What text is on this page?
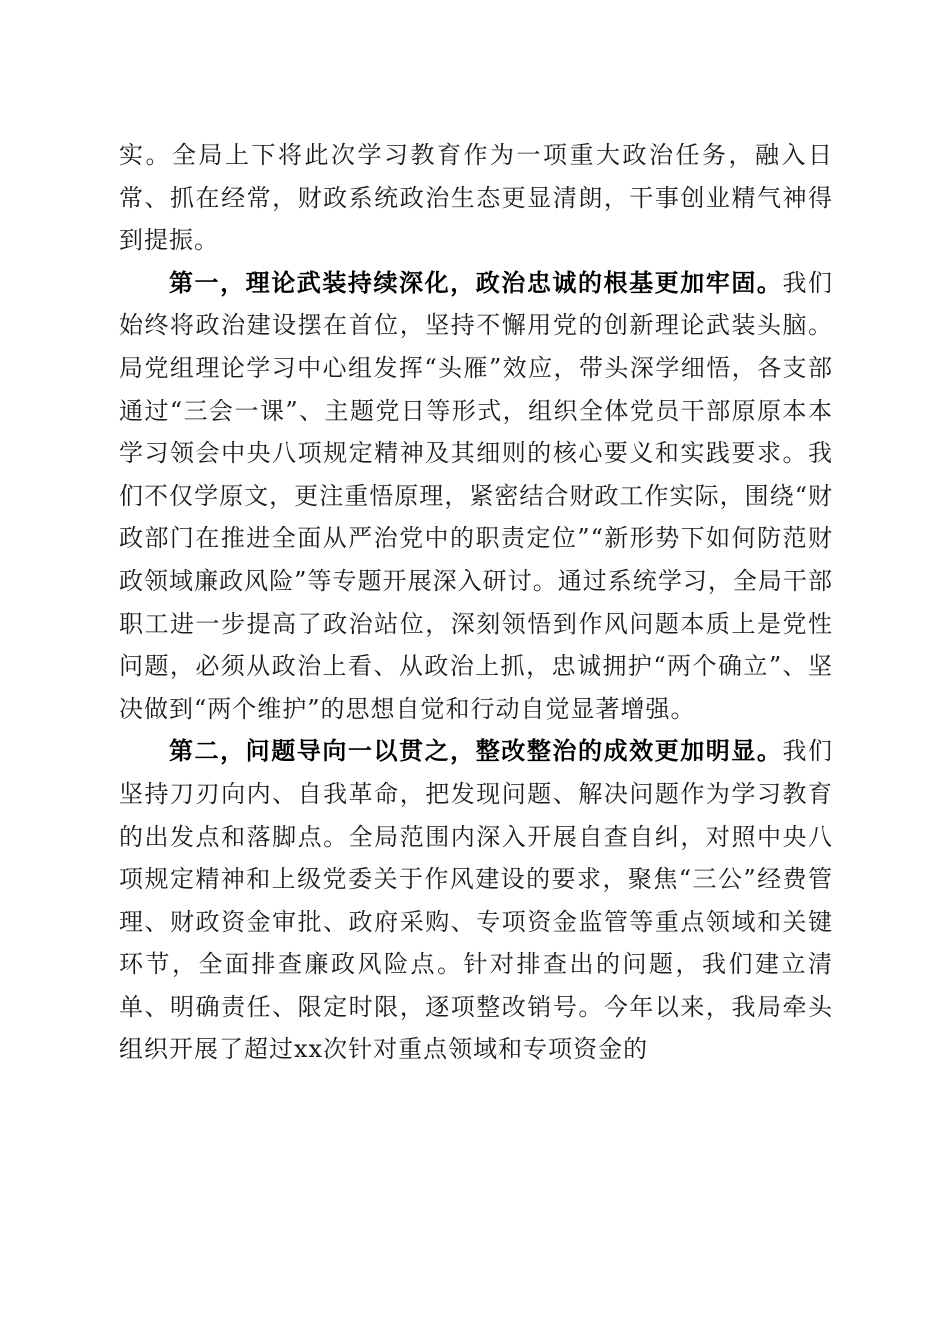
实。全局上下将此次学习教育作为一项重大政治任务，融入日常、抓在经常，财政系统政治生态更显清朗，干事创业精气神得到提振。

第一，理论武装持续深化，政治忠诚的根基更加牢固。我们始终将政治建设摆在首位，坚持不懈用党的创新理论武装头脑。局党组理论学习中心组发挥“头雁”效应，带头深学细悟，各支部通过“三会一课”、主题党日等形式，组织全体党员干部原原本本学习领会中央八项规定精神及其细则的核心要义和实践要求。我们不仅学原文，更注重悟原理，紧密结合财政工作实际，围绕“财政部门在推进全面从严治党中的职责定位”“新形势下如何防范财政领域廉政风险”等专题开展深入研讨。通过系统学习，全局干部职工进一步提高了政治站位，深刻领悟到作风问题本质上是党性问题，必须从政治上看、从政治上抓，忠诚拥护“两个确立”、坚决做到“两个维护”的思想自觉和行动自觉显著增强。

第二，问题导向一以贯之，整改整治的成效更加明显。我们坚持刀刃向内、自我革命，把发现问题、解决问题作为学习教育的出发点和落脚点。全局范围内深入开展自查自纠，对照中央八项规定精神和上级党委关于作风建设的要求，聚焦“三公”经费管理、财政资金审批、政府采购、专项资金监管等重点领域和关键环节，全面排查廉政风险点。针对排查出的问题，我们建立清单、明确责任、限定时限，逐项整改销号。今年以来，我局牵头组织开展了超过xx次针对重点领域和专项资金的
